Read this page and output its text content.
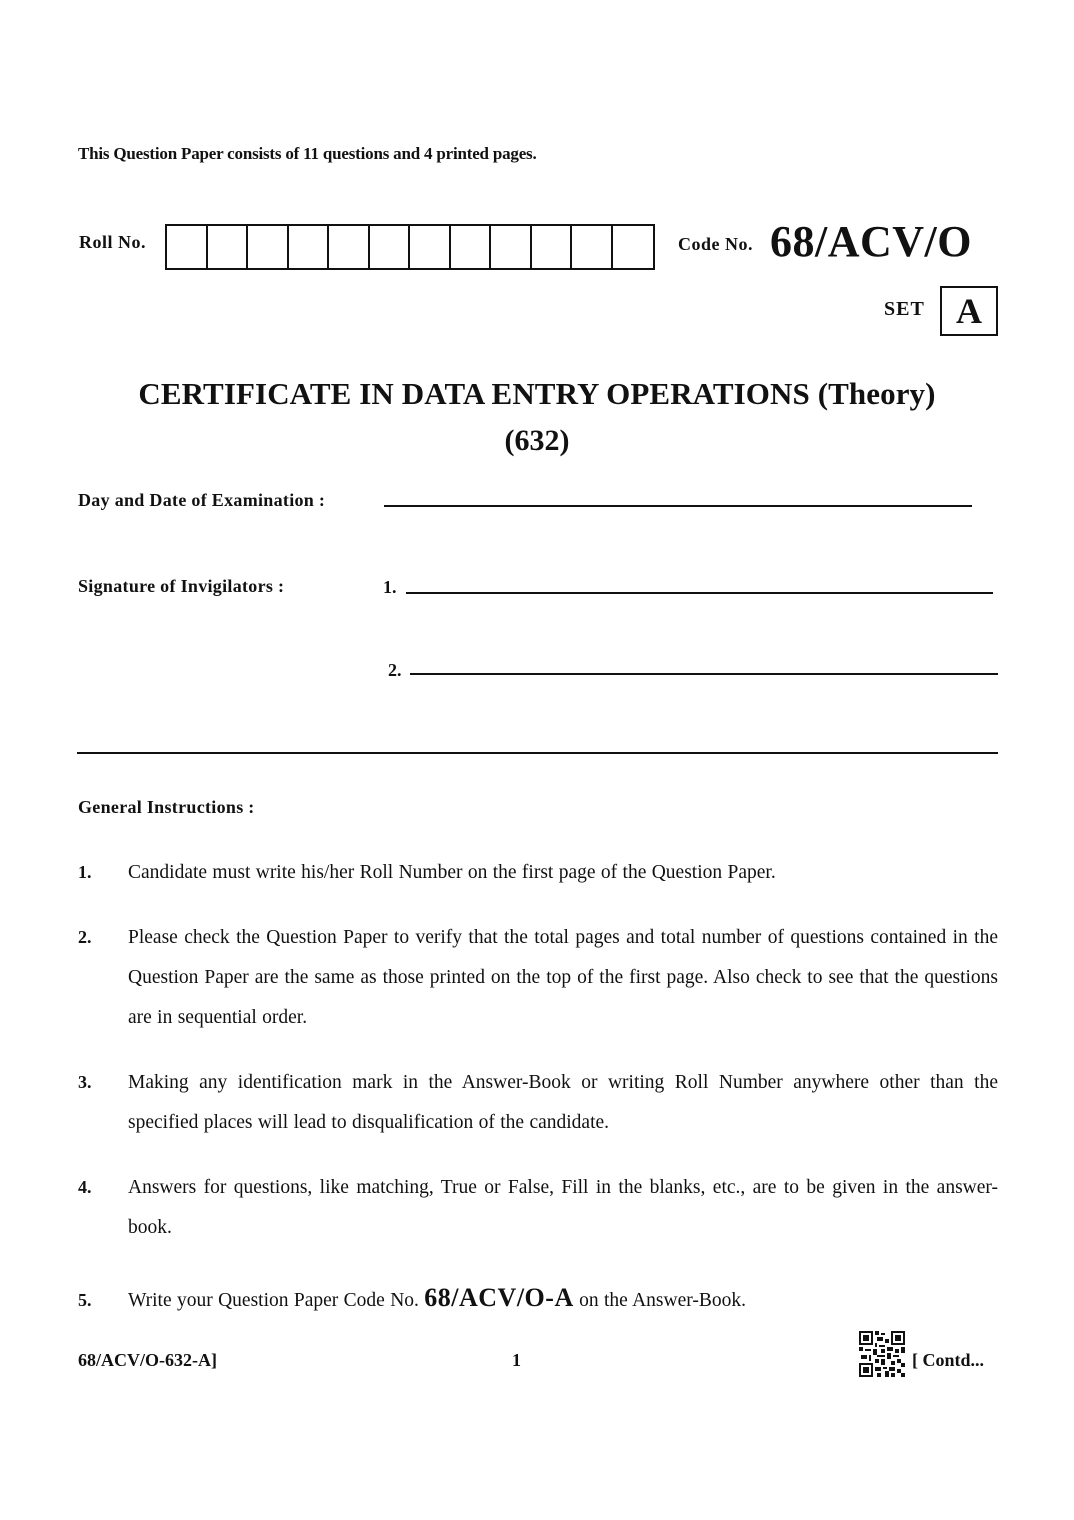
This Question Paper consists of 11 questions and 4 printed pages.
Roll No.	Code No. 68/ACV/O
SET A
CERTIFICATE IN DATA ENTRY OPERATIONS (Theory)
(632)
Day and Date of Examination :
Signature of Invigilators :	1.
2.
General Instructions :
1. Candidate must write his/her Roll Number on the first page of the Question Paper.
2. Please check the Question Paper to verify that the total pages and total number of questions contained in the Question Paper are the same as those printed on the top of the first page. Also check to see that the questions are in sequential order.
3. Making any identification mark in the Answer-Book or writing Roll Number anywhere other than the specified places will lead to disqualification of the candidate.
4. Answers for questions, like matching, True or False, Fill in the blanks, etc., are to be given in the answer-book.
5. Write your Question Paper Code No. 68/ACV/O-A on the Answer-Book.
68/ACV/O-632-A]	1	[ Contd...
